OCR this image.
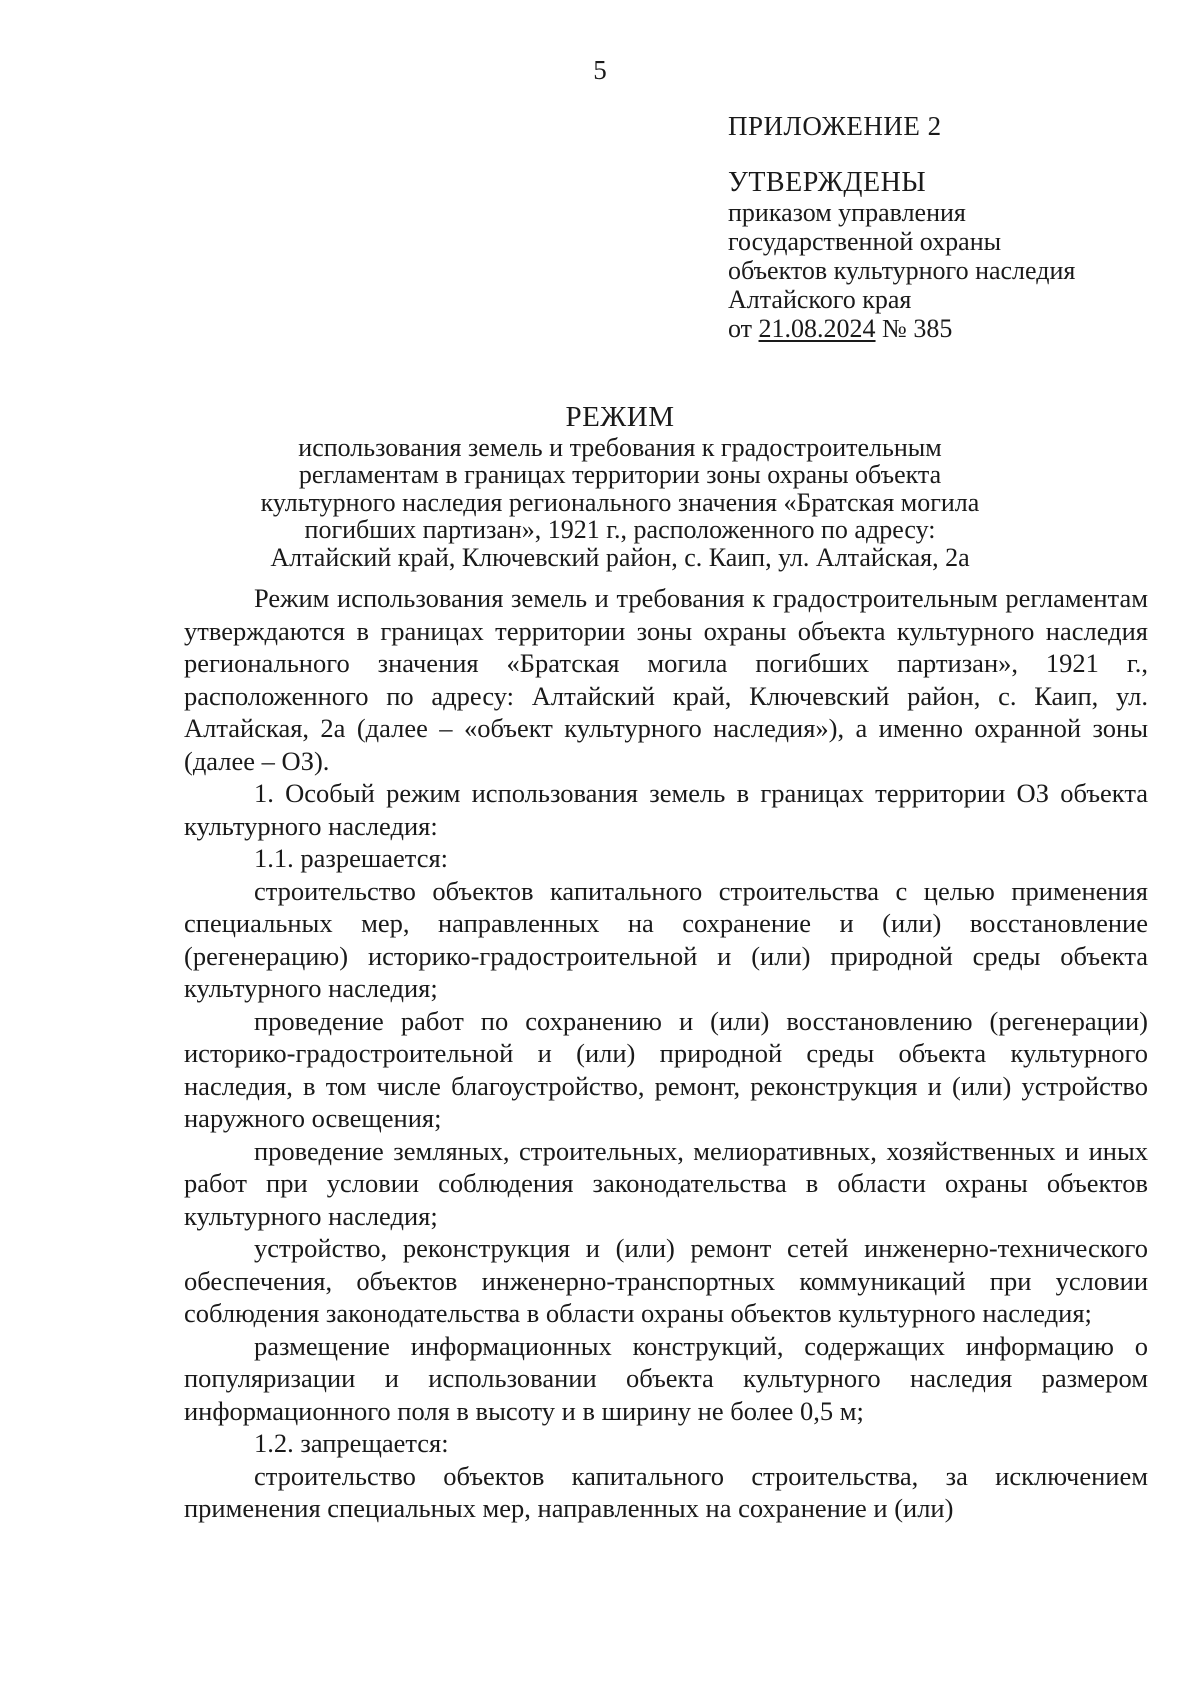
5
ПРИЛОЖЕНИЕ 2
УТВЕРЖДЕНЫ
приказом управления
государственной охраны
объектов культурного наследия
Алтайского края
от 21.08.2024 № 385
РЕЖИМ
использования земель и требования к градостроительным
регламентам в границах территории зоны охраны объекта
культурного наследия регионального значения «Братская могила
погибших партизан», 1921 г., расположенного по адресу:
Алтайский край, Ключевский район, с. Каип, ул. Алтайская, 2а

Режим использования земель и требования к градостроительным регламентам утверждаются в границах территории зоны охраны объекта культурного наследия регионального значения «Братская могила погибших партизан», 1921 г., расположенного по адресу: Алтайский край, Ключевский район, с. Каип, ул. Алтайская, 2а (далее – «объект культурного наследия»), а именно охранной зоны (далее – ОЗ).

1. Особый режим использования земель в границах территории ОЗ объекта культурного наследия:

1.1. разрешается:

строительство объектов капитального строительства с целью применения специальных мер, направленных на сохранение и (или) восстановление (регенерацию) историко-градостроительной и (или) природной среды объекта культурного наследия;

проведение работ по сохранению и (или) восстановлению (регенерации) историко-градостроительной и (или) природной среды объекта культурного наследия, в том числе благоустройство, ремонт, реконструкция и (или) устройство наружного освещения;

проведение земляных, строительных, мелиоративных, хозяйственных и иных работ при условии соблюдения законодательства в области охраны объектов культурного наследия;

устройство, реконструкция и (или) ремонт сетей инженерно-технического обеспечения, объектов инженерно-транспортных коммуникаций при условии соблюдения законодательства в области охраны объектов культурного наследия;

размещение информационных конструкций, содержащих информацию о популяризации и использовании объекта культурного наследия размером информационного поля в высоту и в ширину не более 0,5 м;

1.2. запрещается:

строительство объектов капитального строительства, за исключением применения специальных мер, направленных на сохранение и (или)
